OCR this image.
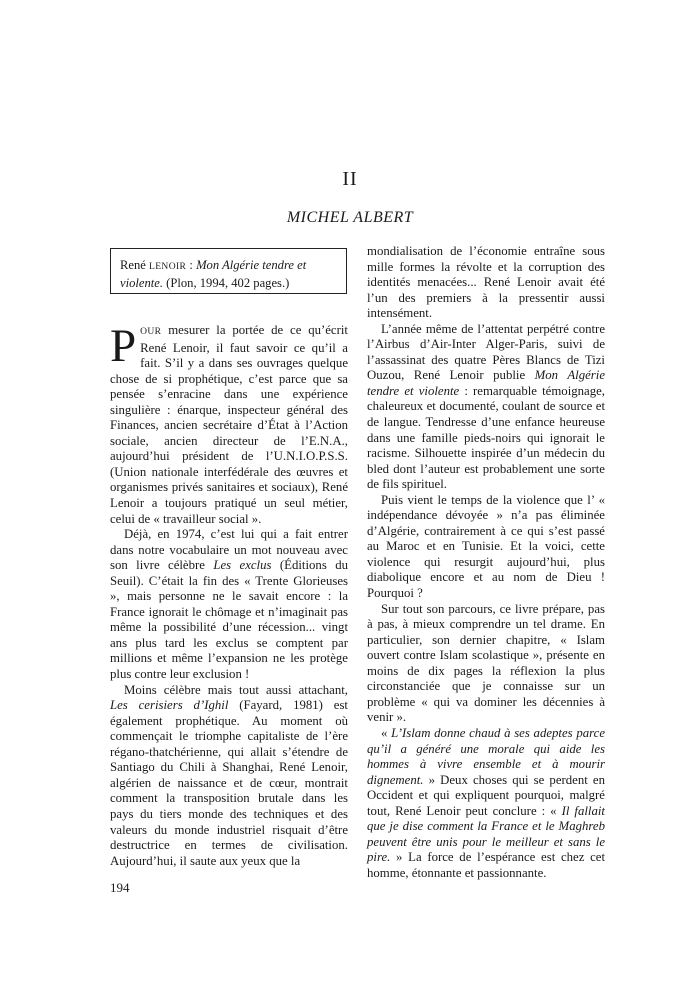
II
MICHEL ALBERT
René LENOIR : Mon Algérie tendre et violente. (Plon, 1994, 402 pages.)

POUR mesurer la portée de ce qu’écrit René Lenoir, il faut savoir ce qu’il a fait. S’il y a dans ses ouvrages quelque chose de si prophétique, c’est parce que sa pensée s’enracine dans une expérience singulière : énarque, inspecteur général des Finances, ancien secrétaire d’État à l’Action sociale, ancien directeur de l’E.N.A., aujourd’hui président de l’U.N.I.O.P.S.S. (Union nationale interfédérale des œuvres et organismes privés sanitaires et sociaux), René Lenoir a toujours pratiqué un seul métier, celui de « travailleur social ».

Déjà, en 1974, c’est lui qui a fait entrer dans notre vocabulaire un mot nouveau avec son livre célèbre Les exclus (Éditions du Seuil). C’était la fin des « Trente Glorieuses », mais personne ne le savait encore : la France ignorait le chômage et n’imaginait pas même la possibilité d’une récession... vingt ans plus tard les exclus se comptent par millions et même l’expansion ne les protège plus contre leur exclusion !

Moins célèbre mais tout aussi attachant, Les cerisiers d’Ighil (Fayard, 1981) est également prophétique. Au moment où commençait le triomphe capitaliste de l’ère régano-thatchérienne, qui allait s’étendre de Santiago du Chili à Shanghai, René Lenoir, algérien de naissance et de cœur, montrait comment la transposition brutale dans les pays du tiers monde des techniques et des valeurs du monde industriel risquait d’être destructrice en termes de civilisation. Aujourd’hui, il saute aux yeux que la

mondialisation de l’économie entraîne sous mille formes la révolte et la corruption des identités menacées... René Lenoir avait été l’un des premiers à la pressentir aussi intensément.

L’année même de l’attentat perpétré contre l’Airbus d’Air-Inter Alger-Paris, suivi de l’assassinat des quatre Pères Blancs de Tizi Ouzou, René Lenoir publie Mon Algérie tendre et violente : remarquable témoignage, chaleureux et documenté, coulant de source et de langue. Tendresse d’une enfance heureuse dans une famille pieds-noirs qui ignorait le racisme. Silhouette inspirée d’un médecin du bled dont l’auteur est probablement une sorte de fils spirituel.

Puis vient le temps de la violence que l’ « indépendance dévoyée » n’a pas éliminée d’Algérie, contrairement à ce qui s’est passé au Maroc et en Tunisie. Et la voici, cette violence qui resurgit aujourd’hui, plus diabolique encore et au nom de Dieu ! Pourquoi ?

Sur tout son parcours, ce livre prépare, pas à pas, à mieux comprendre un tel drame. En particulier, son dernier chapitre, « Islam ouvert contre Islam scolastique », présente en moins de dix pages la réflexion la plus circonstanciée que je connaisse sur un problème « qui va dominer les décennies à venir ».

« L’Islam donne chaud à ses adeptes parce qu’il a généré une morale qui aide les hommes à vivre ensemble et à mourir dignement. » Deux choses qui se perdent en Occident et qui expliquent pourquoi, malgré tout, René Lenoir peut conclure : « Il fallait que je dise comment la France et le Maghreb peuvent être unis pour le meilleur et sans le pire. » La force de l’espérance est chez cet homme, étonnante et passionnante.

194
